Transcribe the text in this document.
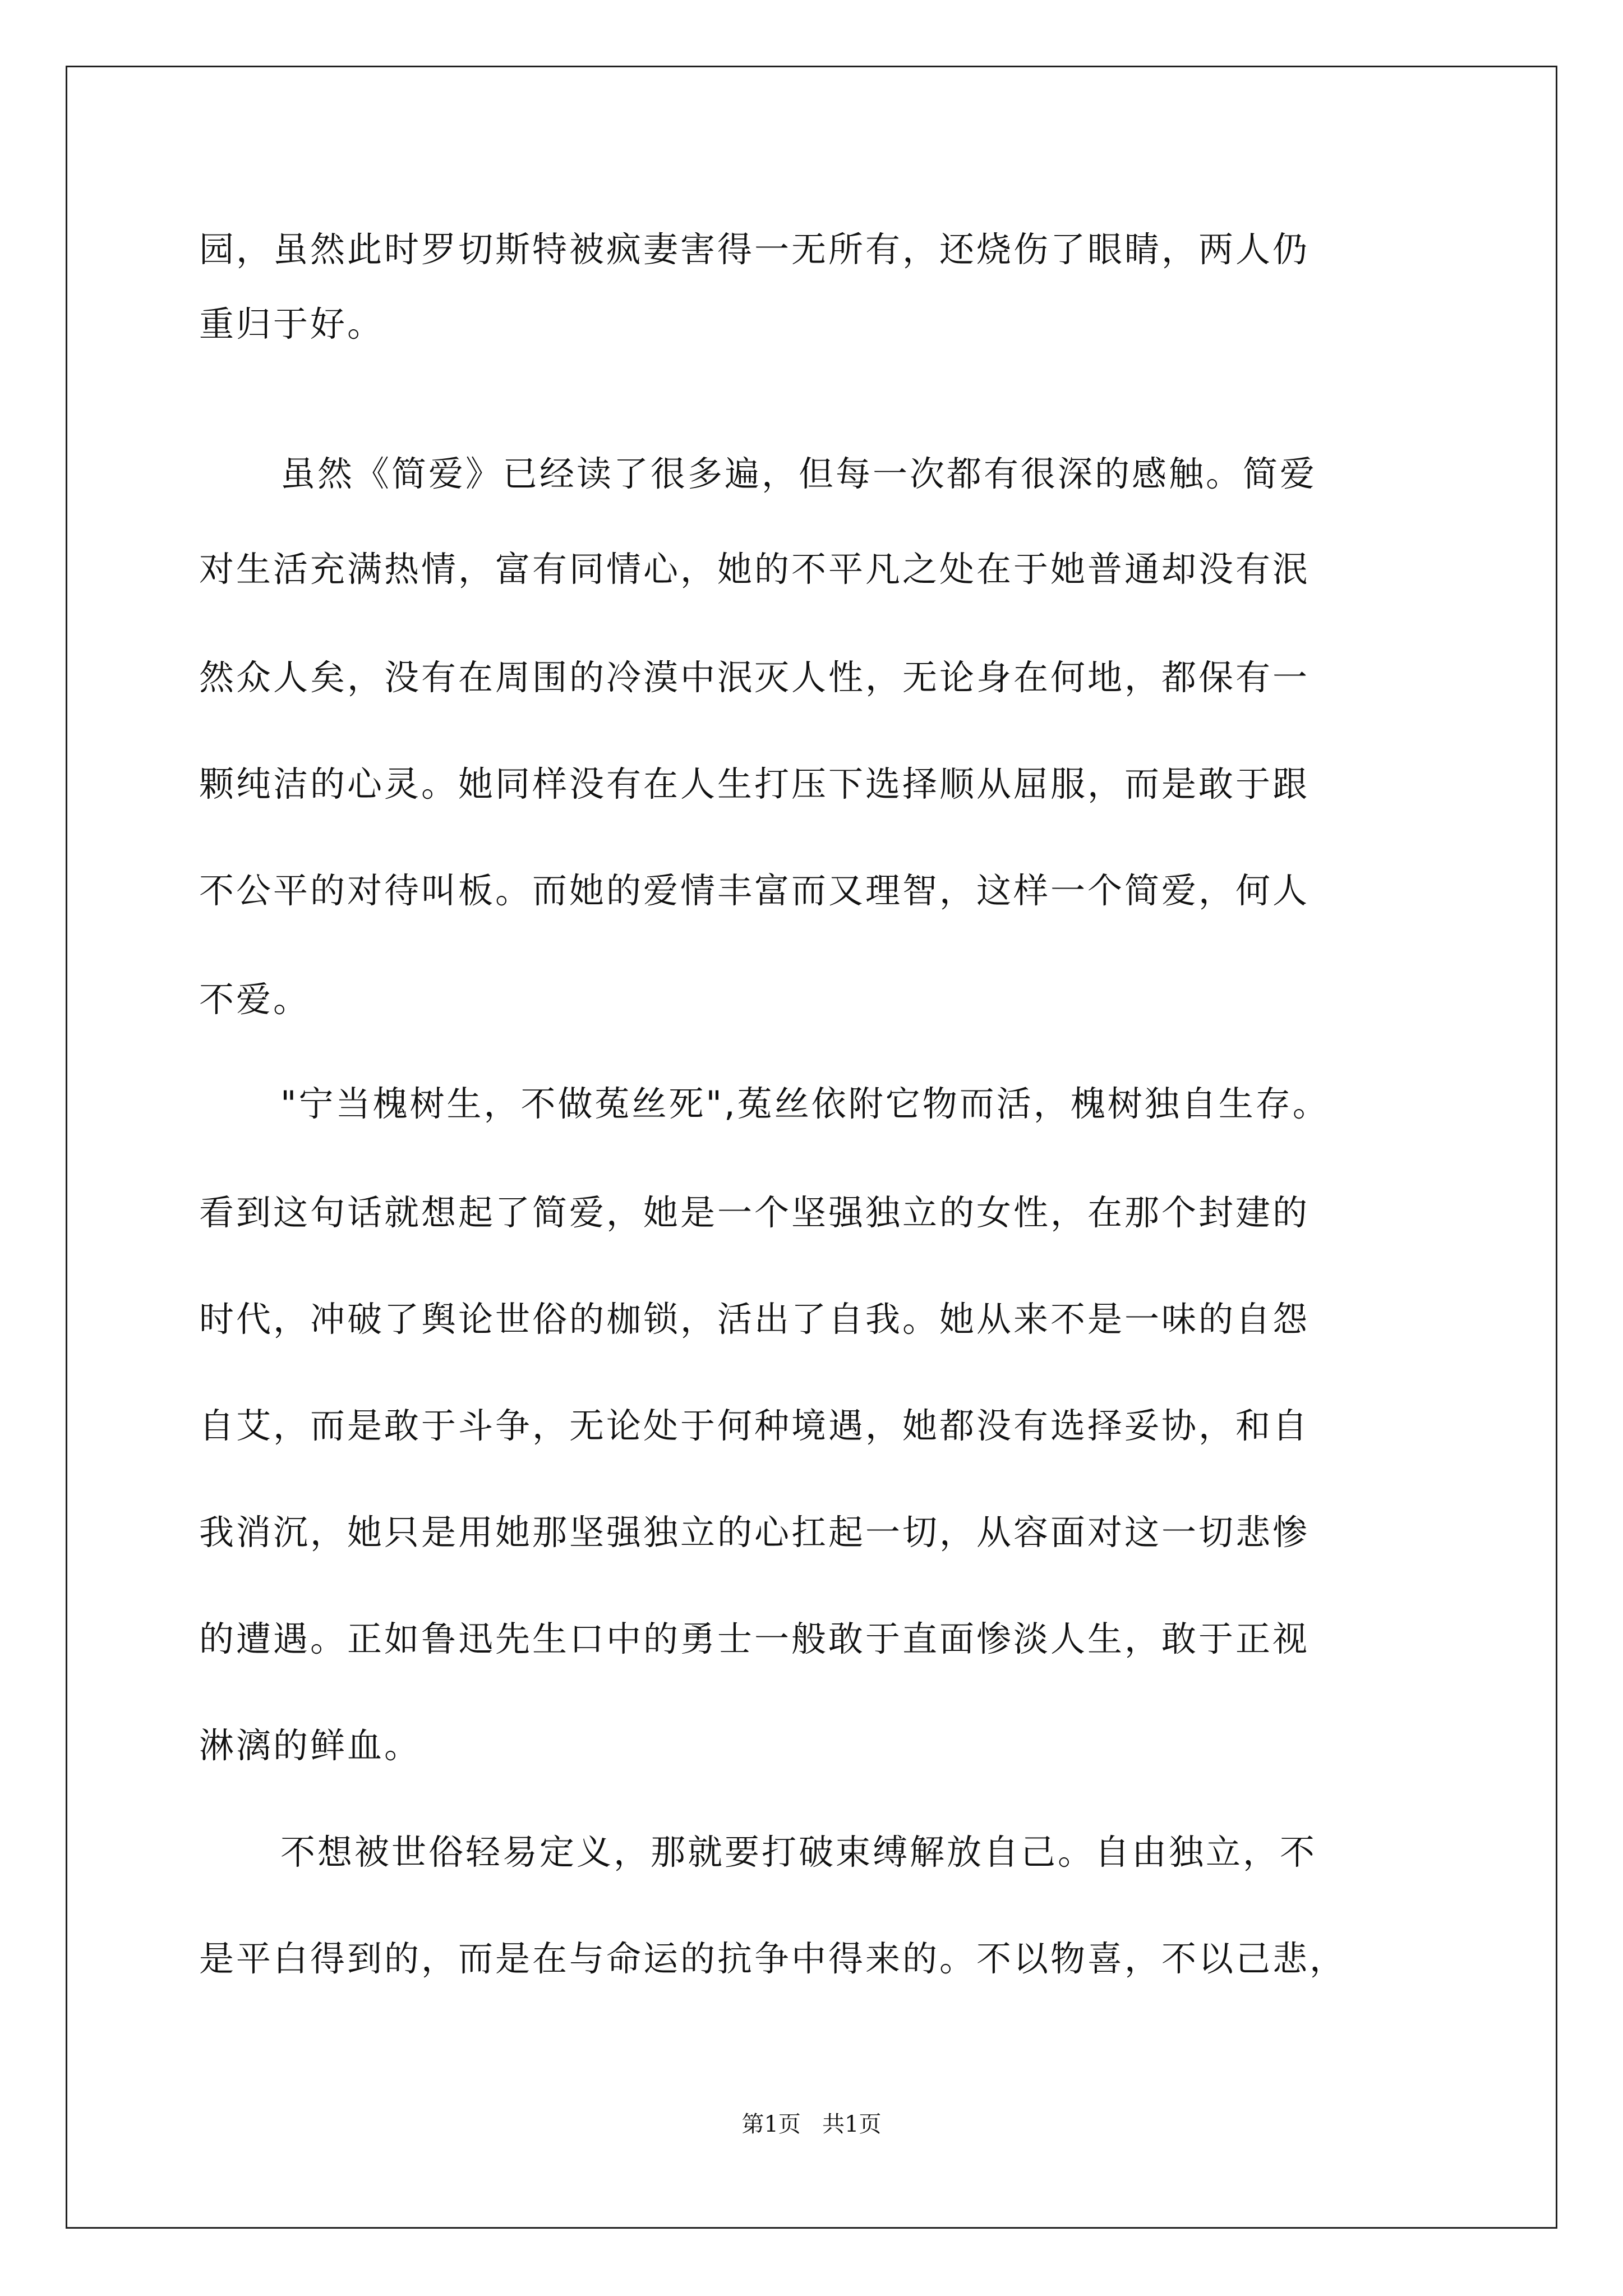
园，虽然此时罗切斯特被疯妻害得一无所有，还烧伤了眼睛，两人仍
重归于好。
虽然《简爱》已经读了很多遍，但每一次都有很深的感触。简爱
对生活充满热情，富有同情心，她的不平凡之处在于她普通却没有泯
然众人矣，没有在周围的冷漠中泯灭人性，无论身在何地，都保有一
颗纯洁的心灵。她同样没有在人生打压下选择顺从屈服，而是敢于跟
不公平的对待叫板。而她的爱情丰富而又理智，这样一个简爱，何人
不爱。
"宁当槐树生，不做菟丝死",菟丝依附它物而活，槐树独自生存。
看到这句话就想起了简爱，她是一个坚强独立的女性，在那个封建的
时代，冲破了舆论世俗的枷锁，活出了自我。她从来不是一味的自怨
自艾，而是敢于斗争，无论处于何种境遇，她都没有选择妥协，和自
我消沉，她只是用她那坚强独立的心扛起一切，从容面对这一切悲惨
的遭遇。正如鲁迅先生口中的勇士一般敢于直面惨淡人生，敢于正视
淋漓的鲜血。
不想被世俗轻易定义，那就要打破束缚解放自己。自由独立，不
是平白得到的，而是在与命运的抗争中得来的。不以物喜，不以己悲，
第1页   共1页
